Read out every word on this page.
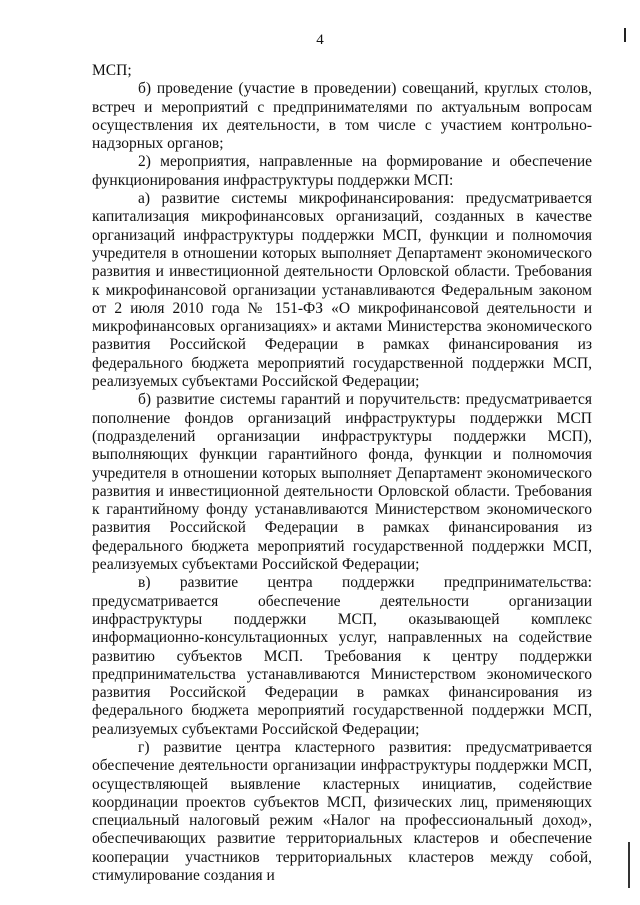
4

МСП;

б) проведение (участие в проведении) совещаний, круглых столов, встреч и мероприятий с предпринимателями по актуальным вопросам осуществления их деятельности, в том числе с участием контрольно-надзорных органов;

2) мероприятия, направленные на формирование и обеспечение функционирования инфраструктуры поддержки МСП:

а) развитие системы микрофинансирования: предусматривается капитализация микрофинансовых организаций, созданных в качестве организаций инфраструктуры поддержки МСП, функции и полномочия учредителя в отношении которых выполняет Департамент экономического развития и инвестиционной деятельности Орловской области. Требования к микрофинансовой организации устанавливаются Федеральным законом от 2 июля 2010 года № 151-ФЗ «О микрофинансовой деятельности и микрофинансовых организациях» и актами Министерства экономического развития Российской Федерации в рамках финансирования из федерального бюджета мероприятий государственной поддержки МСП, реализуемых субъектами Российской Федерации;

б) развитие системы гарантий и поручительств: предусматривается пополнение фондов организаций инфраструктуры поддержки МСП (подразделений организации инфраструктуры поддержки МСП), выполняющих функции гарантийного фонда, функции и полномочия учредителя в отношении которых выполняет Департамент экономического развития и инвестиционной деятельности Орловской области. Требования к гарантийному фонду устанавливаются Министерством экономического развития Российской Федерации в рамках финансирования из федерального бюджета мероприятий государственной поддержки МСП, реализуемых субъектами Российской Федерации;

в) развитие центра поддержки предпринимательства: предусматривается обеспечение деятельности организации инфраструктуры поддержки МСП, оказывающей комплекс информационно-консультационных услуг, направленных на содействие развитию субъектов МСП. Требования к центру поддержки предпринимательства устанавливаются Министерством экономического развития Российской Федерации в рамках финансирования из федерального бюджета мероприятий государственной поддержки МСП, реализуемых субъектами Российской Федерации;

г) развитие центра кластерного развития: предусматривается обеспечение деятельности организации инфраструктуры поддержки МСП, осуществляющей выявление кластерных инициатив, содействие координации проектов субъектов МСП, физических лиц, применяющих специальный налоговый режим «Налог на профессиональный доход», обеспечивающих развитие территориальных кластеров и обеспечение кооперации участников территориальных кластеров между собой, стимулирование создания и
